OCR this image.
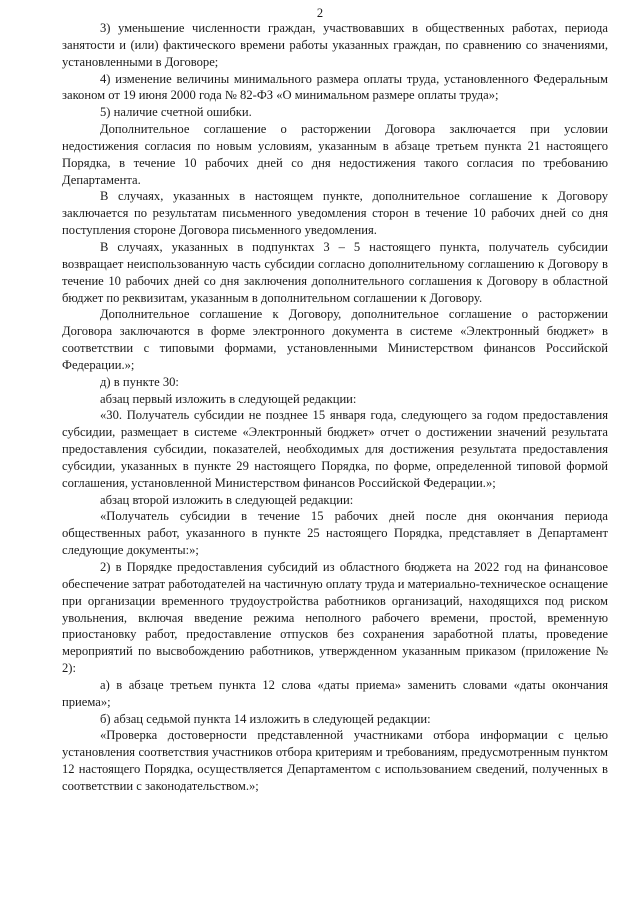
2

3) уменьшение численности граждан, участвовавших в общественных работах, периода занятости и (или) фактического времени работы указанных граждан, по сравнению со значениями, установленными в Договоре;

4) изменение величины минимального размера оплаты труда, установленного Федеральным законом от 19 июня 2000 года № 82-ФЗ «О минимальном размере оплаты труда»;

5) наличие счетной ошибки.

Дополнительное соглашение о расторжении Договора заключается при условии недостижения согласия по новым условиям, указанным в абзаце третьем пункта 21 настоящего Порядка, в течение 10 рабочих дней со дня недостижения такого согласия по требованию Департамента.

В случаях, указанных в настоящем пункте, дополнительное соглашение к Договору заключается по результатам письменного уведомления сторон в течение 10 рабочих дней со дня поступления стороне Договора письменного уведомления.

В случаях, указанных в подпунктах 3 – 5 настоящего пункта, получатель субсидии возвращает неиспользованную часть субсидии согласно дополнительному соглашению к Договору в течение 10 рабочих дней со дня заключения дополнительного соглашения к Договору в областной бюджет по реквизитам, указанным в дополнительном соглашении к Договору.

Дополнительное соглашение к Договору, дополнительное соглашение о расторжении Договора заключаются в форме электронного документа в системе «Электронный бюджет» в соответствии с типовыми формами, установленными Министерством финансов Российской Федерации.»;

д) в пункте 30:

абзац первый изложить в следующей редакции:

«30. Получатель субсидии не позднее 15 января года, следующего за годом предоставления субсидии, размещает в системе «Электронный бюджет» отчет о достижении значений результата предоставления субсидии, показателей, необходимых для достижения результата предоставления субсидии, указанных в пункте 29 настоящего Порядка, по форме, определенной типовой формой соглашения, установленной Министерством финансов Российской Федерации.»;

абзац второй изложить в следующей редакции:

«Получатель субсидии в течение 15 рабочих дней после дня окончания периода общественных работ, указанного в пункте 25 настоящего Порядка, представляет в Департамент следующие документы:»;

2) в Порядке предоставления субсидий из областного бюджета на 2022 год на финансовое обеспечение затрат работодателей на частичную оплату труда и материально-техническое оснащение при организации временного трудоустройства работников организаций, находящихся под риском увольнения, включая введение режима неполного рабочего времени, простой, временную приостановку работ, предоставление отпусков без сохранения заработной платы, проведение мероприятий по высвобождению работников, утвержденном указанным приказом (приложение № 2):

а) в абзаце третьем пункта 12 слова «даты приема» заменить словами «даты окончания приема»;

б) абзац седьмой пункта 14 изложить в следующей редакции:

«Проверка достоверности представленной участниками отбора информации с целью установления соответствия участников отбора критериям и требованиям, предусмотренным пунктом 12 настоящего Порядка, осуществляется Департаментом с использованием сведений, полученных в соответствии с законодательством.»;
